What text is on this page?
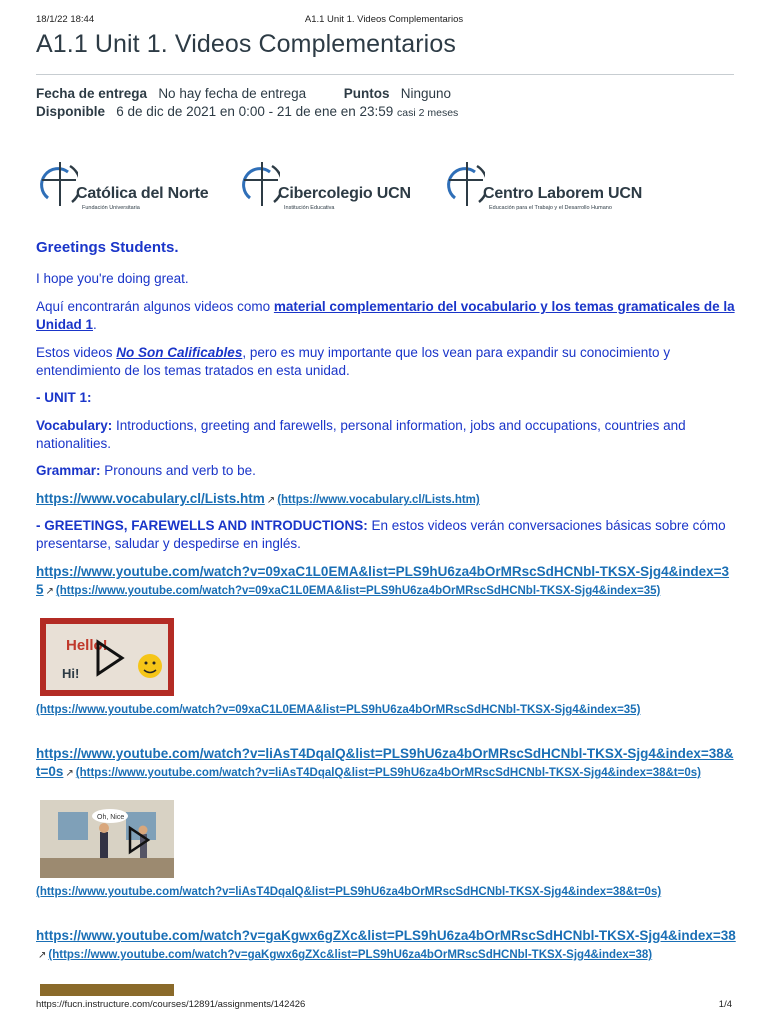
18/1/22 18:44	A1.1 Unit 1. Videos Complementarios
A1.1 Unit 1. Videos Complementarios
Fecha de entrega No hay fecha de entrega	Puntos Ninguno
Disponible 6 de dic de 2021 en 0:00 - 21 de ene en 23:59 casi 2 meses
Católica del Norte
Fundación Universitaria
Cibercolegio UCN
Institución Educativa
Centro Laborem UCN
Educación para el Trabajo y el Desarrollo Humano
Greetings Students.
I hope you're doing great.
Aquí encontrarán algunos videos como material complementario del vocabulario y los temas gramaticales de la Unidad 1.
Estos videos No Son Calificables, pero es muy importante que los vean para expandir su conocimiento y entendimiento de los temas tratados en esta unidad.
- UNIT 1:
Vocabulary: Introductions, greeting and farewells, personal information, jobs and occupations, countries and nationalities.
Grammar: Pronouns and verb to be.
https://www.vocabulary.cl/Lists.htm ↗ (https://www.vocabulary.cl/Lists.htm)
- GREETINGS, FAREWELLS AND INTRODUCTIONS: En estos videos verán conversaciones básicas sobre cómo presentarse, saludar y despedirse en inglés.
https://www.youtube.com/watch?v=09xaC1L0EMA&list=PLS9hU6za4bOrMRscSdHCNbl-TKSX-Sjg4&index=35 ↗ (https://www.youtube.com/watch?v=09xaC1L0EMA&list=PLS9hU6za4bOrMRscSdHCNbl-TKSX-Sjg4&index=35)
Hello!
Hi!
(https://www.youtube.com/watch?v=09xaC1L0EMA&list=PLS9hU6za4bOrMRscSdHCNbl-TKSX-Sjg4&index=35)
https://www.youtube.com/watch?v=liAsT4DqalQ&list=PLS9hU6za4bOrMRscSdHCNbl-TKSX-Sjg4&index=38&t=0s ↗ (https://www.youtube.com/watch?v=liAsT4DqalQ&list=PLS9hU6za4bOrMRscSdHCNbl-TKSX-Sjg4&index=38&t=0s)
Oh, Nice
(https://www.youtube.com/watch?v=liAsT4DqalQ&list=PLS9hU6za4bOrMRscSdHCNbl-TKSX-Sjg4&index=38&t=0s)
https://www.youtube.com/watch?v=gaKgwx6gZXc&list=PLS9hU6za4bOrMRscSdHCNbl-TKSX-Sjg4&index=38↗ (https://www.youtube.com/watch?v=gaKgwx6gZXc&list=PLS9hU6za4bOrMRscSdHCNbl-TKSX-Sjg4&index=38)
https://fucn.instructure.com/courses/12891/assignments/142426	1/4
